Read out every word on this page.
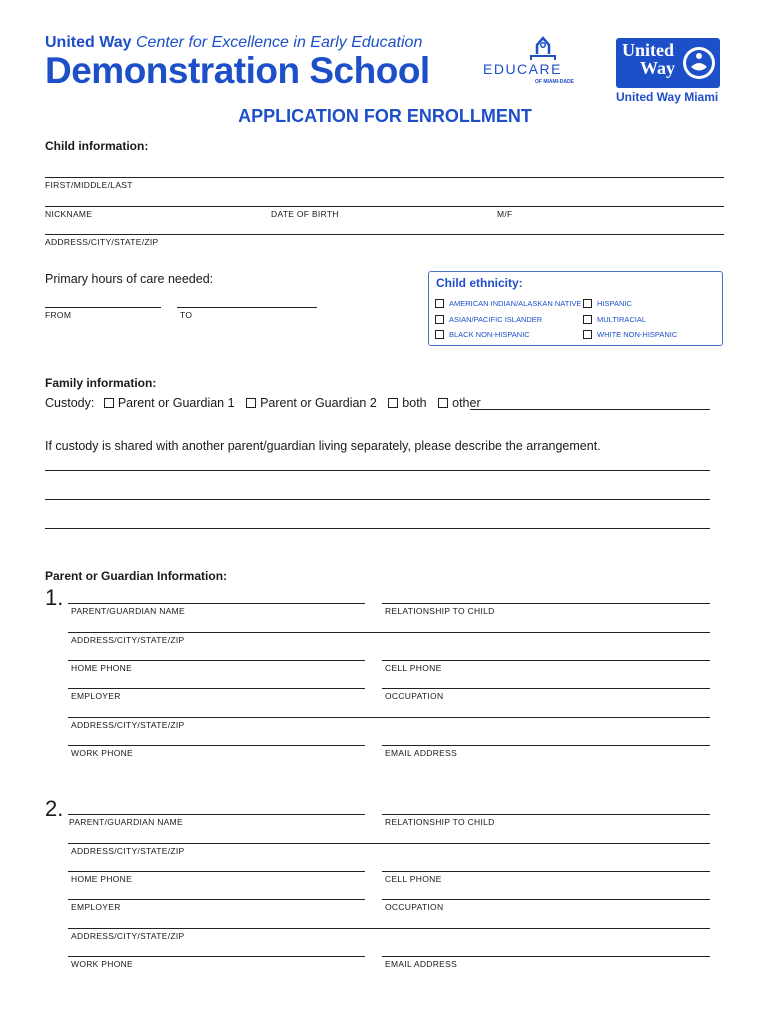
United Way Center for Excellence in Early Education
Demonstration School	EDUCARE
OF MIAMI-DADE
United
Way
United Way Miami
APPLICATION FOR ENROLLMENT
Child information:
FIRST/MIDDLE/LAST
NICKNAME	DATE OF BIRTH	M/F
ADDRESS/CITY/STATE/ZIP
Primary hours of care needed:
FROM	TO
Child ethnicity:
AMERICAN INDIAN/ALASKAN NATIVE	HISPANIC
ASIAN/PACIFIC ISLANDER	MULTIRACIAL
BLACK NON-HISPANIC	WHITE NON-HISPANIC
Family information:
Custody: Parent or Guardian 1 Parent or Guardian 2 both other
If custody is shared with another parent/guardian living separately, please describe the arrangement.
Parent or Guardian Information:
1.
PARENT/GUARDIAN NAME	RELATIONSHIP TO CHILD
ADDRESS/CITY/STATE/ZIP
HOME PHONE	CELL PHONE
EMPLOYER	OCCUPATION
ADDRESS/CITY/STATE/ZIP
WORK PHONE	EMAIL ADDRESS
2.
PARENT/GUARDIAN NAME	RELATIONSHIP TO CHILD
ADDRESS/CITY/STATE/ZIP
HOME PHONE	CELL PHONE
EMPLOYER	OCCUPATION
ADDRESS/CITY/STATE/ZIP
WORK PHONE	EMAIL ADDRESS
